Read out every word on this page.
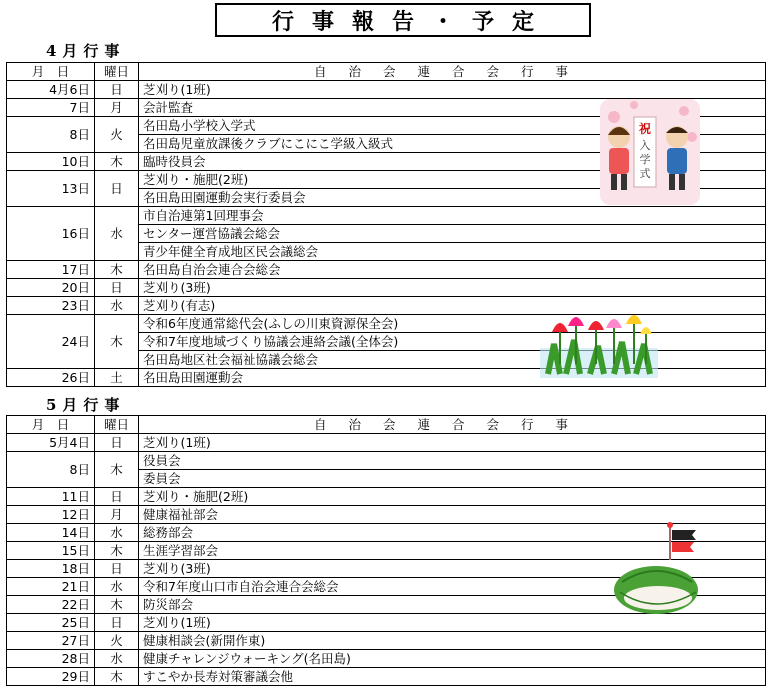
行事報告・予定
4月行事
月　日	曜日	自治会連合会行事
4月6日	日	芝刈り(1班)
7日	月	会計監査
8日	火	名田島小学校入学式
		名田島児童放課後クラブにこにこ学級入級式
10日	木	臨時役員会
13日	日	芝刈り・施肥(2班)
		名田島田園運動会実行委員会
16日	水	市自治連第1回理事会
		センター運営協議会総会
		青少年健全育成地区民会議総会
17日	木	名田島自治会連合会総会
20日	日	芝刈り(3班)
23日	水	芝刈り(有志)
24日	木	令和6年度通常総代会(ふしの川東資源保全会)
		令和7年度地域づくり協議会連絡会議(全体会)
		名田島地区社会福祉協議会総会
26日	土	名田島田園運動会
5月行事
月　日	曜日	自治会連合会行事
5月4日	日	芝刈り(1班)
8日	木	役員会
		委員会
11日	日	芝刈り・施肥(2班)
12日	月	健康福祉部会
14日	水	総務部会
15日	木	生涯学習部会
18日	日	芝刈り(3班)
21日	水	令和7年度山口市自治会連合会総会
22日	木	防災部会
25日	日	芝刈り(1班)
27日	火	健康相談会(新開作東)
28日	水	健康チャレンジウォーキング(名田島)
29日	木	すこやか長寿対策審議会他
祝
入
学
式
